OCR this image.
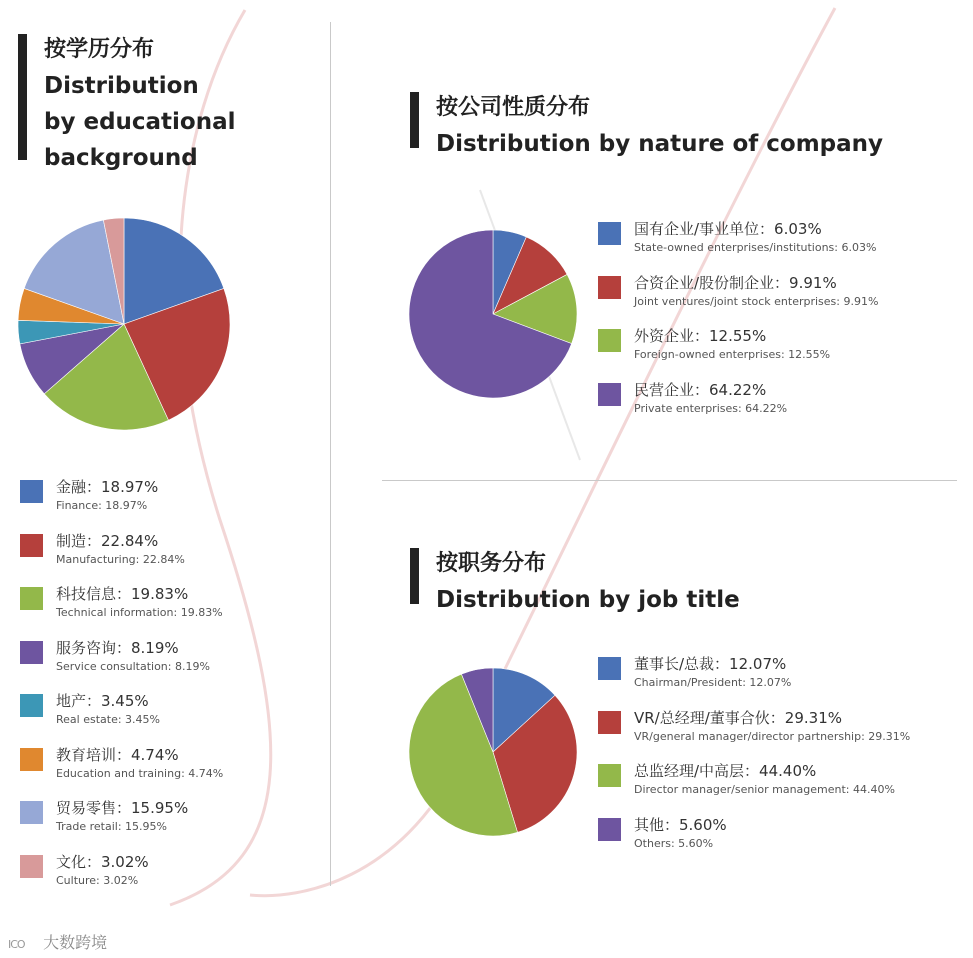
按学历分布
Distribution
by educational
background
按公司性质分布
Distribution by nature of company
按职务分布
Distribution by job title
金融：18.97%
Finance: 18.97%
制造：22.84%
Manufacturing: 22.84%
科技信息：19.83%
Technical information: 19.83%
服务咨询：8.19%
Service consultation: 8.19%
地产：3.45%
Real estate: 3.45%
教育培训：4.74%
Education and training: 4.74%
贸易零售：15.95%
Trade retail: 15.95%
文化：3.02%
Culture: 3.02%
国有企业/事业单位：6.03%
State-owned enterprises/institutions: 6.03%
合资企业/股份制企业：9.91%
Joint ventures/joint stock enterprises: 9.91%
外资企业：12.55%
Foreign-owned enterprises: 12.55%
民营企业：64.22%
Private enterprises: 64.22%
董事长/总裁：12.07%
Chairman/President: 12.07%
VR/总经理/董事合伙：29.31%
VR/general manager/director partnership: 29.31%
总监经理/中高层：44.40%
Director manager/senior management: 44.40%
其他：5.60%
Others: 5.60%
ICO 大数跨境
